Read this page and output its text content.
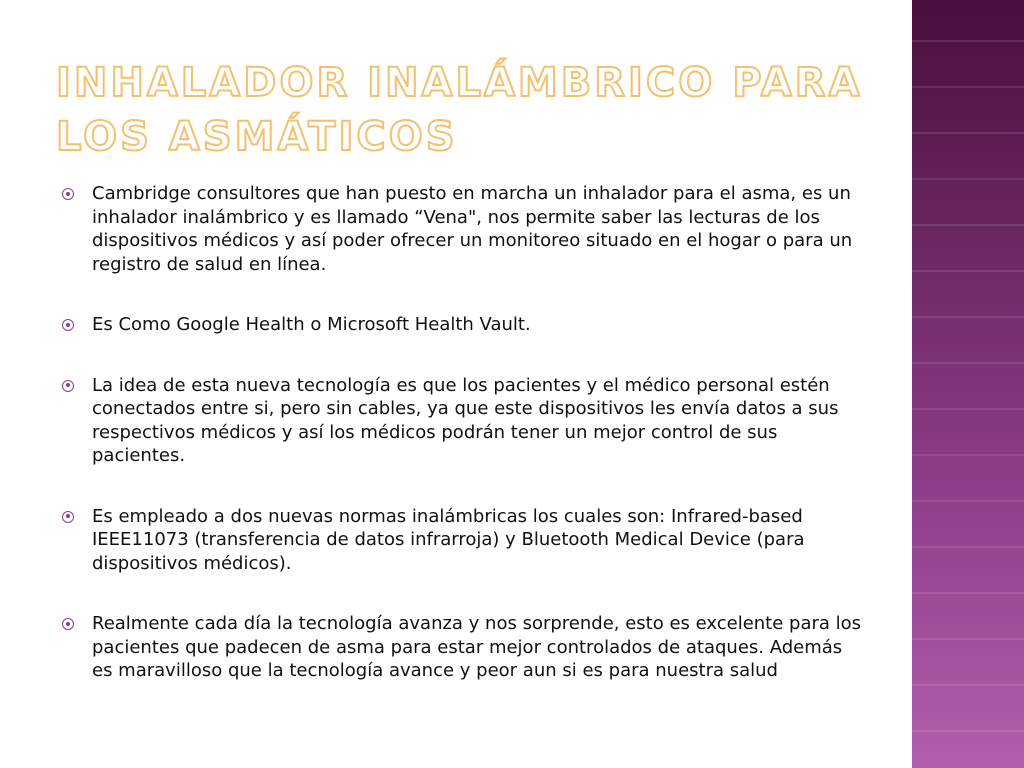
INHALADOR INALÁMBRICO PARA LOS ASMÁTICOS
Cambridge consultores que han puesto en marcha un inhalador para el asma, es un inhalador inalámbrico y es llamado “Vena", nos permite saber las lecturas de los dispositivos médicos y así poder ofrecer un monitoreo situado en el hogar o para un registro de salud en línea.
Es Como Google Health o Microsoft Health Vault.
La idea de esta nueva tecnología es que los pacientes y el médico personal estén conectados entre si, pero sin cables, ya que este dispositivos les envía datos a sus respectivos médicos y así los médicos podrán tener un mejor control de sus pacientes.
Es empleado a dos nuevas normas inalámbricas los cuales son: Infrared-based IEEE11073 (transferencia de datos infrarroja) y Bluetooth Medical Device (para dispositivos médicos).
Realmente cada día la tecnología avanza y nos sorprende, esto es excelente para los pacientes que padecen de asma para estar mejor controlados de ataques. Además es maravilloso que la tecnología avance y peor aun si es para nuestra salud
